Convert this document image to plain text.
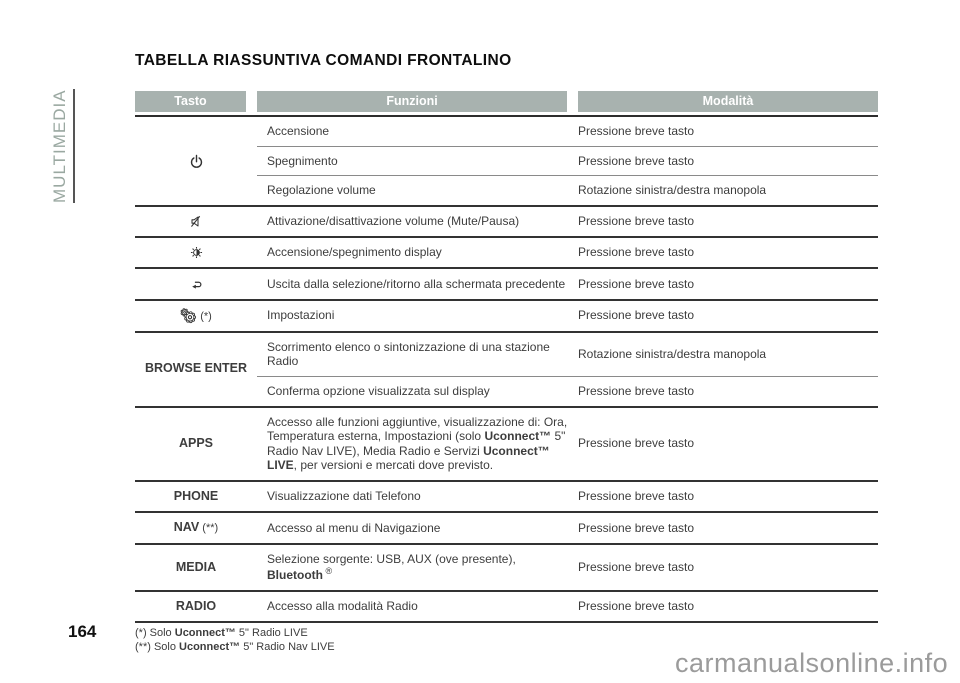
MULTIMEDIA
164
carmanualsonline.info
TABELLA RIASSUNTIVA COMANDI FRONTALINO
Tasto	Funzioni	Modalità

	Accensione	Pressione breve tasto
	Spegnimento	Pressione breve tasto
	Regolazione volume	Rotazione sinistra/destra manopola
	Attivazione/disattivazione volume (Mute/Pausa)	Pressione breve tasto
	Accensione/spegnimento display	Pressione breve tasto
	Uscita dalla selezione/ritorno alla schermata precedente	Pressione breve tasto
(*)	Impostazioni	Pressione breve tasto
BROWSE ENTER	Scorrimento elenco o sintonizzazione di una stazione Radio	Rotazione sinistra/destra manopola
	Conferma opzione visualizzata sul display	Pressione breve tasto
APPS	Accesso alle funzioni aggiuntive, visualizzazione di: Ora, Temperatura esterna, Impostazioni (solo Uconnect™ 5" Radio Nav LIVE), Media Radio e Servizi Uconnect™ LIVE, per versioni e mercati dove previsto.	Pressione breve tasto
PHONE	Visualizzazione dati Telefono	Pressione breve tasto
NAV (**)	Accesso al menu di Navigazione	Pressione breve tasto
MEDIA	Selezione sorgente: USB, AUX (ove presente), Bluetooth ®	Pressione breve tasto
RADIO	Accesso alla modalità Radio	Pressione breve tasto
(*) Solo Uconnect™ 5" Radio LIVE
(**) Solo Uconnect™ 5" Radio Nav LIVE
